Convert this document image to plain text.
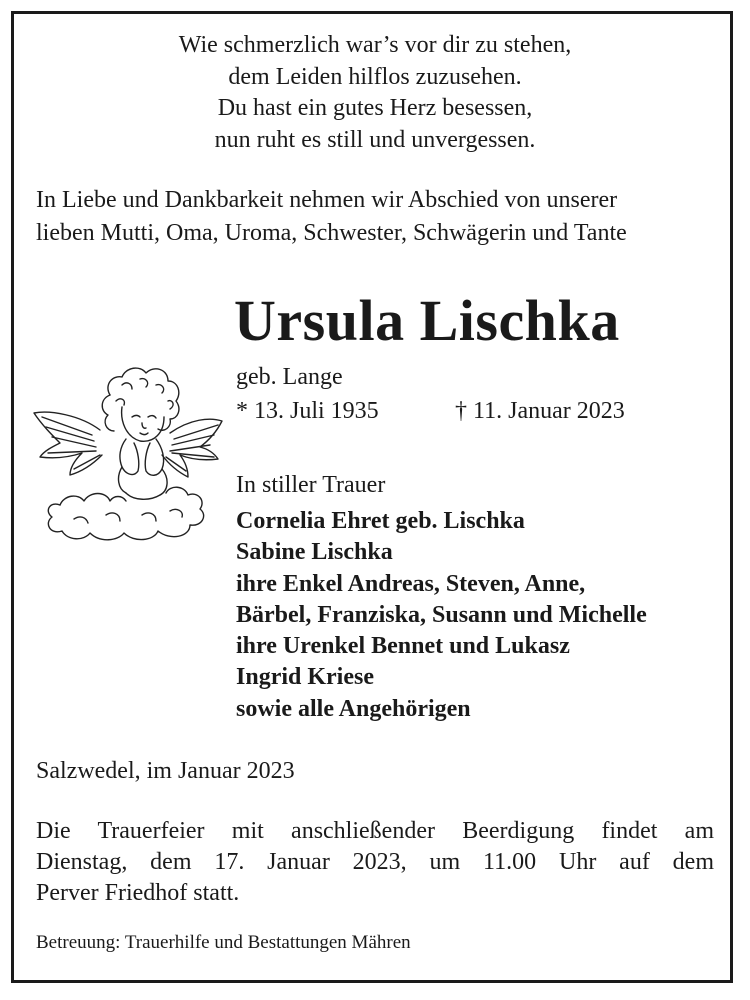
Wie schmerzlich war’s vor dir zu stehen,
dem Leiden hilflos zuzusehen.
Du hast ein gutes Herz besessen,
nun ruht es still und unvergessen.
In Liebe und Dankbarkeit nehmen wir Abschied von unserer
lieben Mutti, Oma, Uroma, Schwester, Schwägerin und Tante
Ursula Lischka
geb. Lange
* 13. Juli 1935	† 11. Januar 2023
In stiller Trauer
Cornelia Ehret geb. Lischka
Sabine Lischka
ihre Enkel Andreas, Steven, Anne,
Bärbel, Franziska, Susann und Michelle
ihre Urenkel Bennet und Lukasz
Ingrid Kriese
sowie alle Angehörigen
Salzwedel, im Januar 2023
Die Trauerfeier mit anschließender Beerdigung findet am
Dienstag, dem 17. Januar 2023, um 11.00 Uhr auf dem
Perver Friedhof statt.
Betreuung: Trauerhilfe und Bestattungen Mähren
